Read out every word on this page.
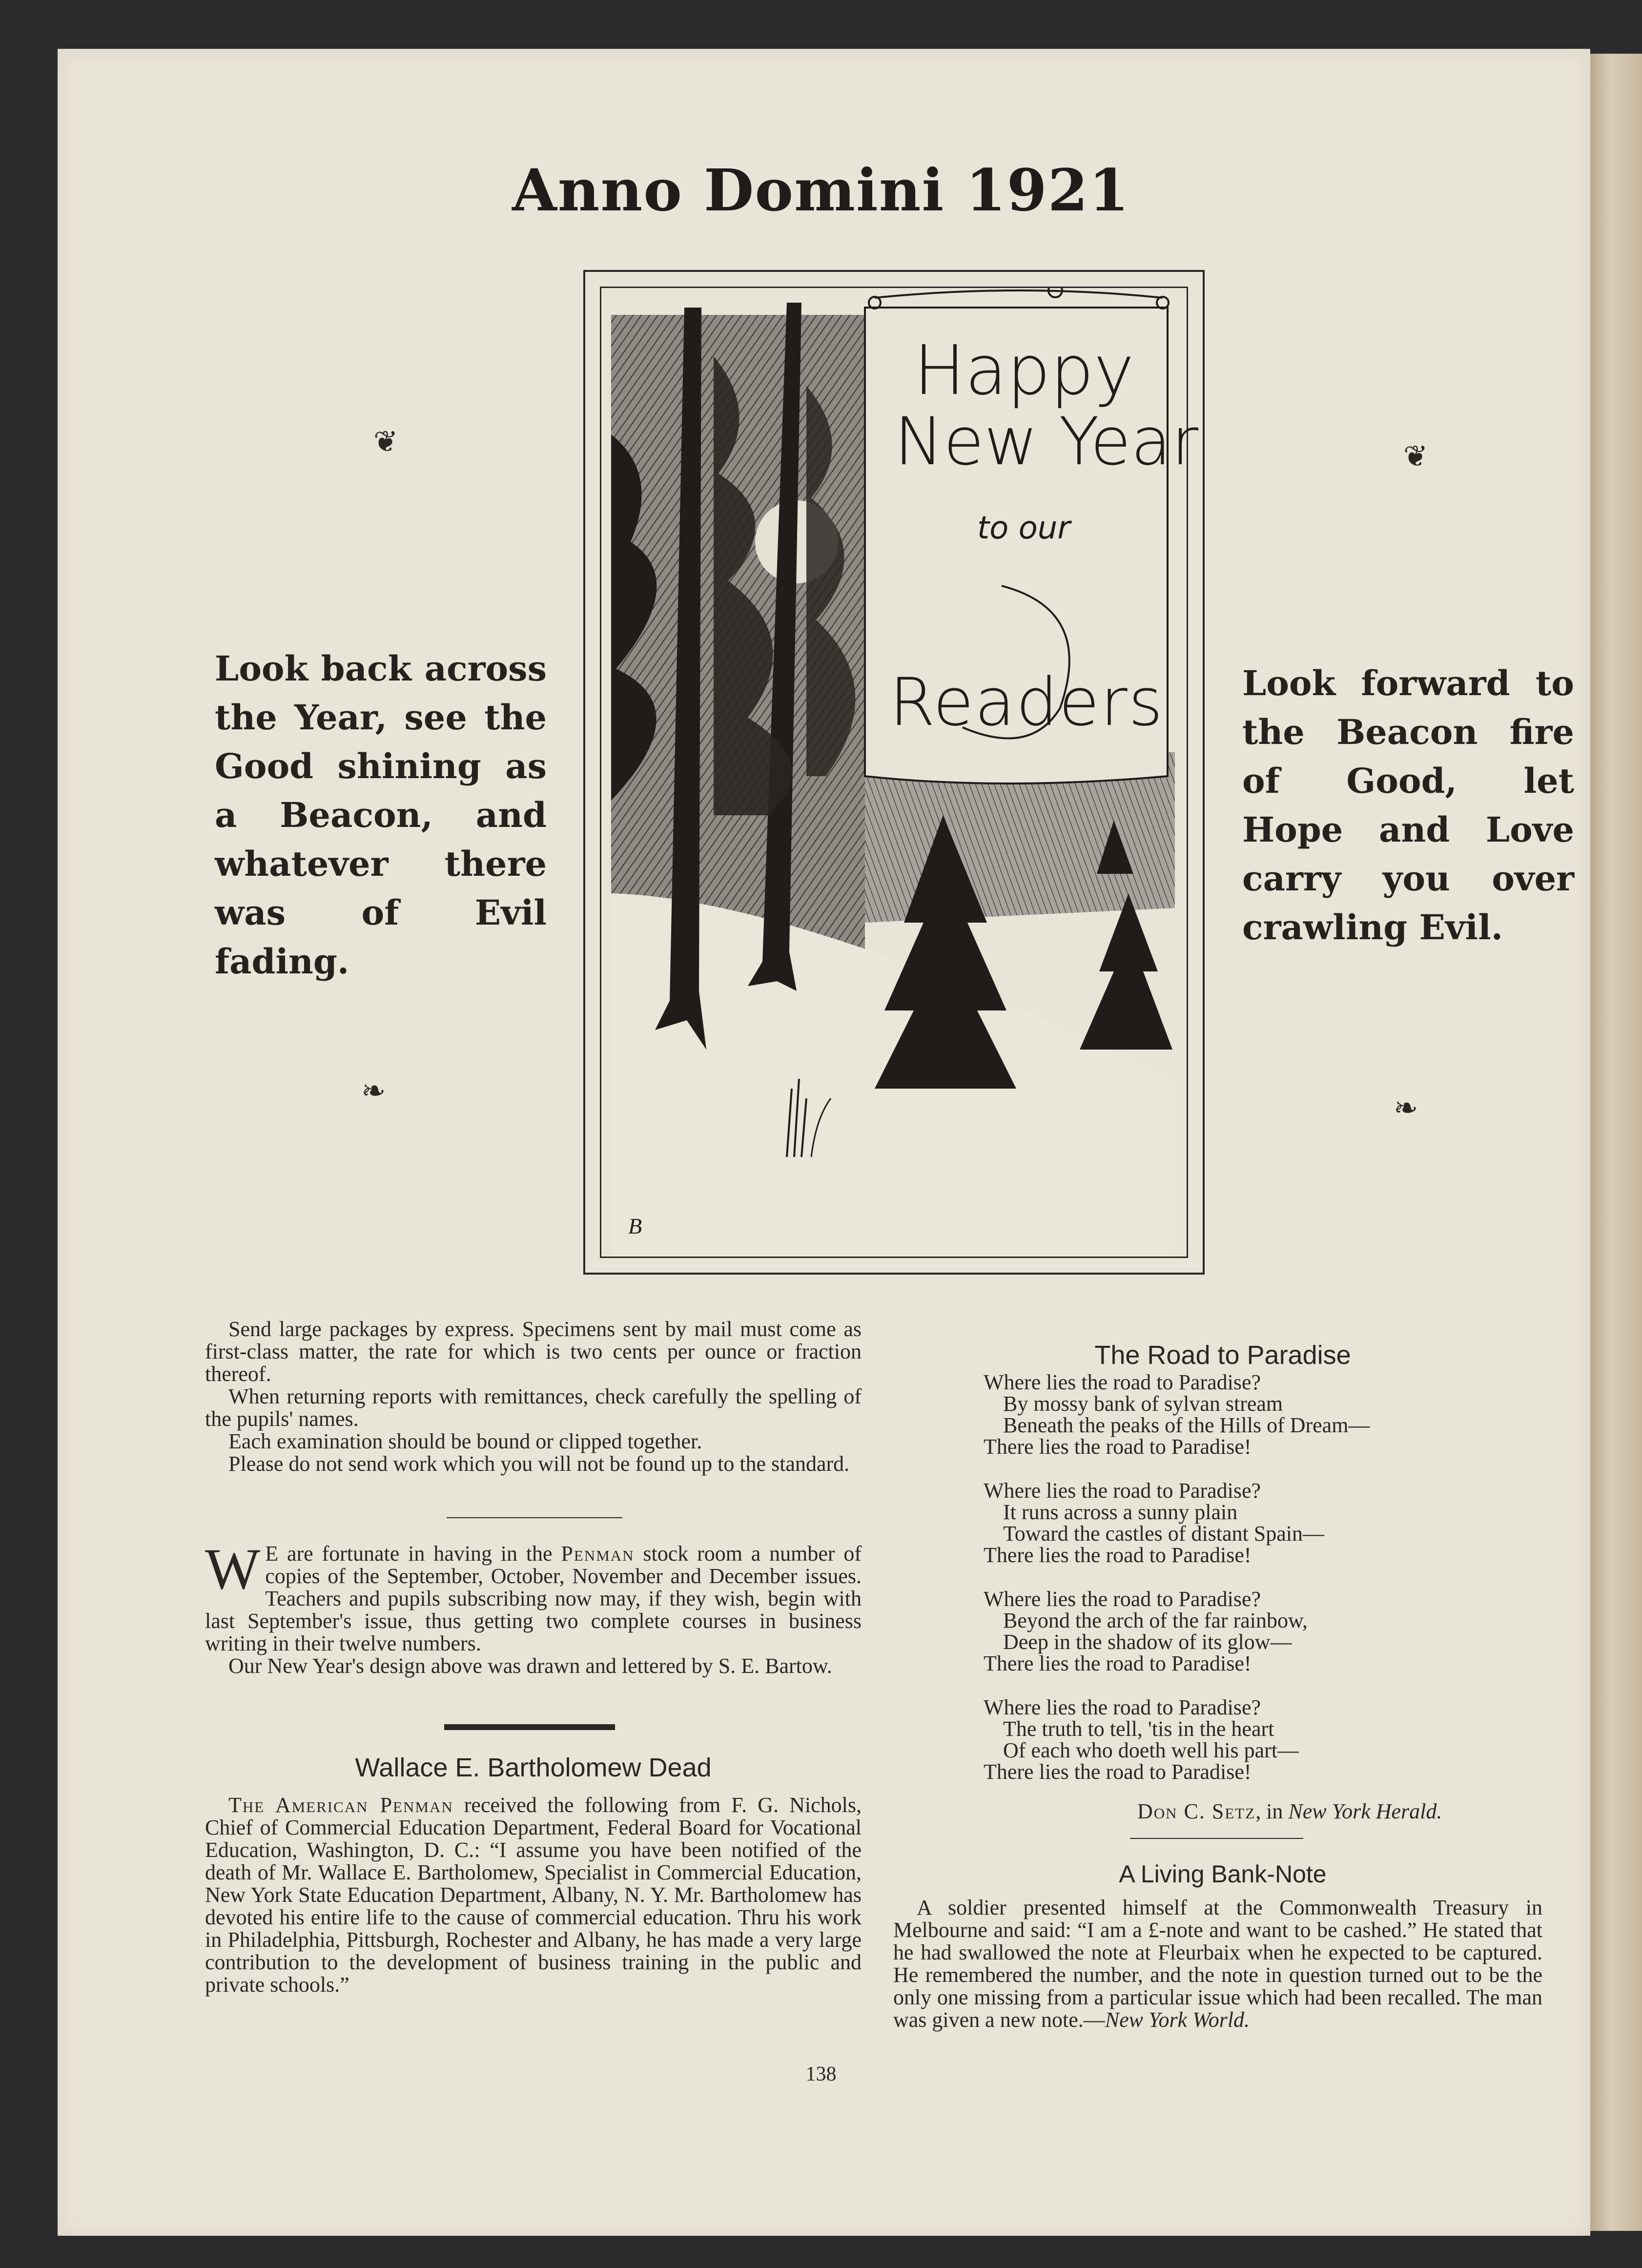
Anno Domini 1921
❦	❦
❧
❧
Look back across the Year, see the Good shining as a Beacon, and whatever there was of Evil fading.
Look forward to the Beacon fire of Good, let Hope and Love carry you over crawling Evil.
Happy
New Year
to our
Readers
B

Send large packages by express. Specimens sent by mail must come as first-class matter, the rate for which is two cents per ounce or fraction thereof.

When returning reports with remittances, check carefully the spelling of the pupils' names.

Each examination should be bound or clipped together.

Please do not send work which you will not be found up to the standard.

W E are fortunate in having in the Penman stock room a number of copies of the September, October, November and December issues. Teachers and pupils subscribing now may, if they wish, begin with last September's issue, thus getting two complete courses in business writing in their twelve numbers.

Our New Year's design above was drawn and lettered by S. E. Bartow.

Wallace E. Bartholomew Dead

The American Penman received the following from F. G. Nichols, Chief of Commercial Education Department, Federal Board for Vocational Education, Washington, D. C.: “I assume you have been notified of the death of Mr. Wallace E. Bartholomew, Specialist in Commercial Education, New York State Education Department, Albany, N. Y. Mr. Bartholomew has devoted his entire life to the cause of commercial education. Thru his work in Philadelphia, Pittsburgh, Rochester and Albany, he has made a very large contribution to the development of business training in the public and private schools.”

The Road to Paradise
Where lies the road to Paradise?
By mossy bank of sylvan stream
Beneath the peaks of the Hills of Dream—
There lies the road to Paradise!
Where lies the road to Paradise?
It runs across a sunny plain
Toward the castles of distant Spain—
There lies the road to Paradise!
Where lies the road to Paradise?
Beyond the arch of the far rainbow,
Deep in the shadow of its glow—
There lies the road to Paradise!
Where lies the road to Paradise?
The truth to tell, 'tis in the heart
Of each who doeth well his part—
There lies the road to Paradise!
Don C. Setz, in New York Herald.
A Living Bank-Note

A soldier presented himself at the Commonwealth Treasury in Melbourne and said: “I am a £-note and want to be cashed.” He stated that he had swallowed the note at Fleurbaix when he expected to be captured. He remembered the number, and the note in question turned out to be the only one missing from a particular issue which had been recalled. The man was given a new note.—New York World.

138
